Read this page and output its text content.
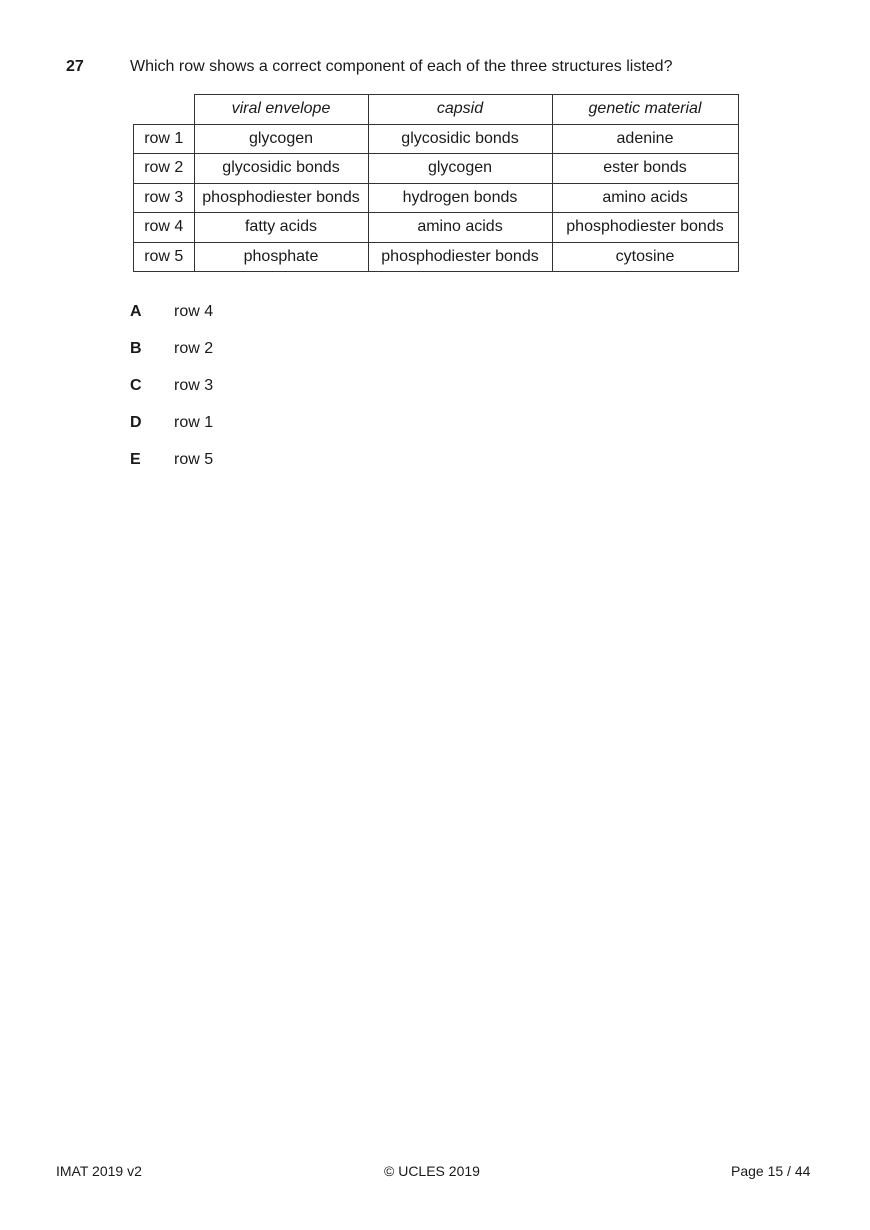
27	Which row shows a correct component of each of the three structures listed?
	viral envelope	capsid	genetic material
row 1	glycogen	glycosidic bonds	adenine
row 2	glycosidic bonds	glycogen	ester bonds
row 3	phosphodiester bonds	hydrogen bonds	amino acids
row 4	fatty acids	amino acids	phosphodiester bonds
row 5	phosphate	phosphodiester bonds	cytosine
A	row 4
B	row 2
C	row 3
D	row 1
E	row 5
IMAT 2019 v2	© UCLES 2019	Page 15 / 44
